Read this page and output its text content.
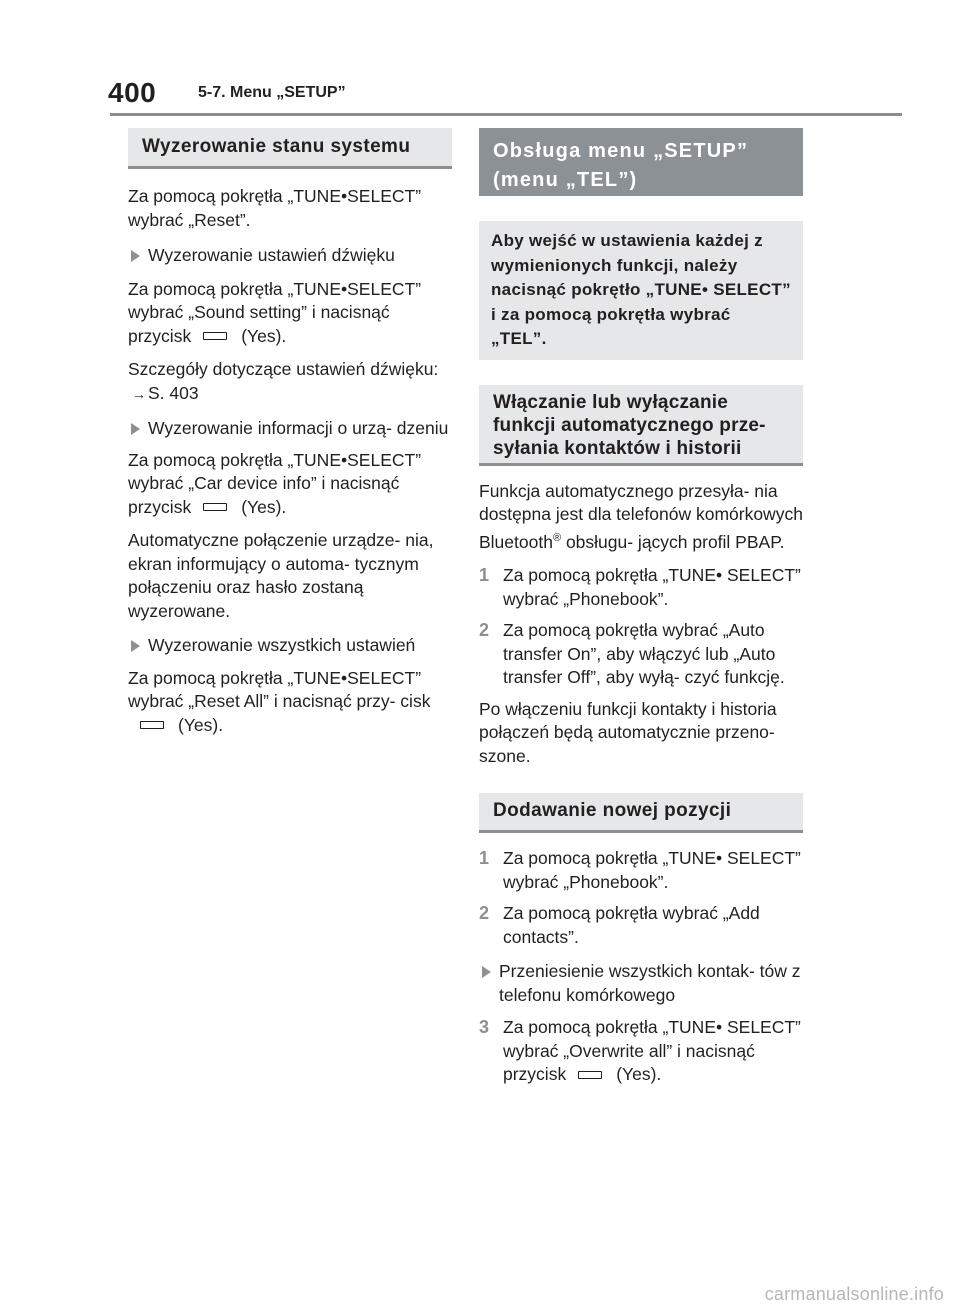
400	5-7. Menu „SETUP”
Wyzerowanie stanu systemu

Za pomocą pokrętła „TUNE•SELECT” wybrać „Reset”.

Wyzerowanie ustawień dźwięku

Za pomocą pokrętła „TUNE•SELECT” wybrać „Sound setting” i nacisnąć przycisk	(Yes).

Szczegóły dotyczące ustawień dźwięku:→ S. 403

Wyzerowanie informacji o urzą- dzeniu

Za pomocą pokrętła „TUNE•SELECT” wybrać „Car device info” i nacisnąć przycisk	(Yes).

Automatyczne połączenie urządze- nia, ekran informujący o automa- tycznym połączeniu oraz hasło zostaną wyzerowane.

Wyzerowanie wszystkich ustawień

Za pomocą pokrętła „TUNE•SELECT” wybrać „Reset All” i nacisnąć przy- cisk(Yes).

Obsługa menu „SETUP” (menu „TEL”)
Aby wejść w ustawienia każdej z wymienionych funkcji, należy nacisnąć pokrętło „TUNE• SELECT” i za pomocą pokrętła wybrać „TEL”.
Włączanie lub wyłączanie funkcji automatycznego prze- syłania kontaktów i historii

Funkcja automatycznego przesyła- nia dostępna jest dla telefonów komórkowych Bluetooth® obsługu- jących profil PBAP.

1 Za pomocą pokrętła „TUNE• SELECT” wybrać „Phonebook”.
2 Za pomocą pokrętła wybrać „Auto transfer On”, aby włączyć lub „Auto transfer Off”, aby wyłą- czyć funkcję.

Po włączeniu funkcji kontakty i historia połączeń będą automatycznie przeno- szone.

Dodawanie nowej pozycji
1 Za pomocą pokrętła „TUNE• SELECT” wybrać „Phonebook”.
2 Za pomocą pokrętła wybrać „Add contacts”.
Przeniesienie wszystkich kontak- tów z telefonu komórkowego
3 Za pomocą pokrętła „TUNE• SELECT” wybrać „Overwrite all” i nacisnąć przycisk	(Yes).
carmanualsonline.info
